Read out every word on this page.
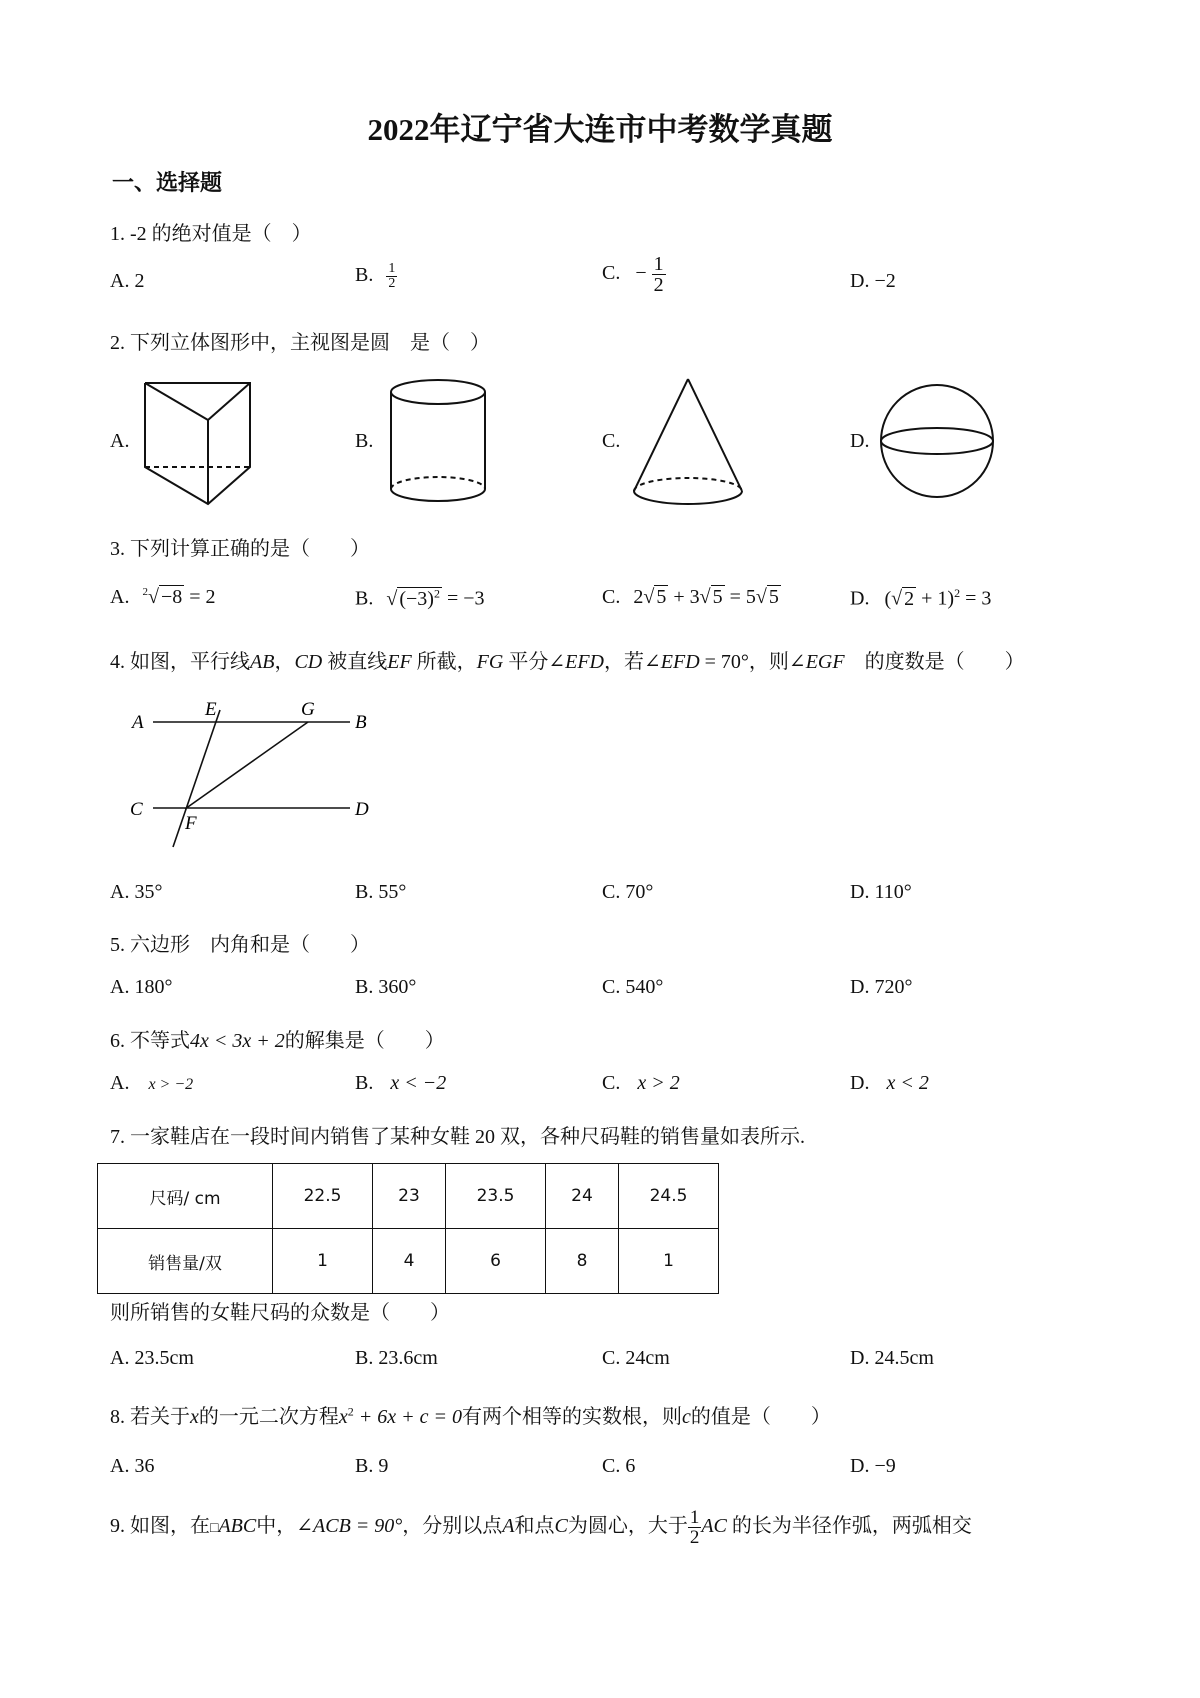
2022年辽宁省大连市中考数学真题
一、选择题
1. -2 的绝对值是（　）
A. 2	B. $\frac{1}{2}$	C. − $\frac{1}{2}$	D. −2
2. 下列立体图形中，主视图是圆　是（　）
A.	B.	C.	D.
3. 下列计算正确的是（　　）
A. $^2$√ −8 = 2	B. √ $(-3)^2 = -3$	C. 2√ 5 + 3√ 5 = 5√ 5	D. (√ 2 + 1)$^2$ = 3
4. 如图，平行线AB，CD 被直线EF 所截，FG 平分∠EFD，若∠EFD = 70°，则∠EGF　的度数是（　　）
A
E	G
B
C
F
D
A. 35°	B. 55°	C. 70°	D. 110°
5. 六边形　内角和是（　　）
A. 180°	B. 360°	C. 540°	D. 720°
6. 不等式4x < 3x + 2的解集是（　　）
A. x > −2	B. x < −2	C. x > 2	D. x < 2
7. 一家鞋店在一段时间内销售了某种女鞋 20 双，各种尺码鞋的销售量如表所示.
尺码/ cm	22.5	23	23.5	24	24.5
销售量/双	1	4	6	8	1
则所销售的女鞋尺码的众数是（　　）
A. 23.5cm	B. 23.6cm	C. 24cm	D. 24.5cm
8. 若关于x的一元二次方程$x^2 + 6x + c = 0$有两个相等的实数根，则c的值是（　　）
A. 36	B. 9	C. 6	D. −9
9. 如图，在□ABC中，∠ACB = 90°，分别以点A和点C为圆心，大于 $\frac{1}{2}$ AC 的长为半径作弧，两弧相交
